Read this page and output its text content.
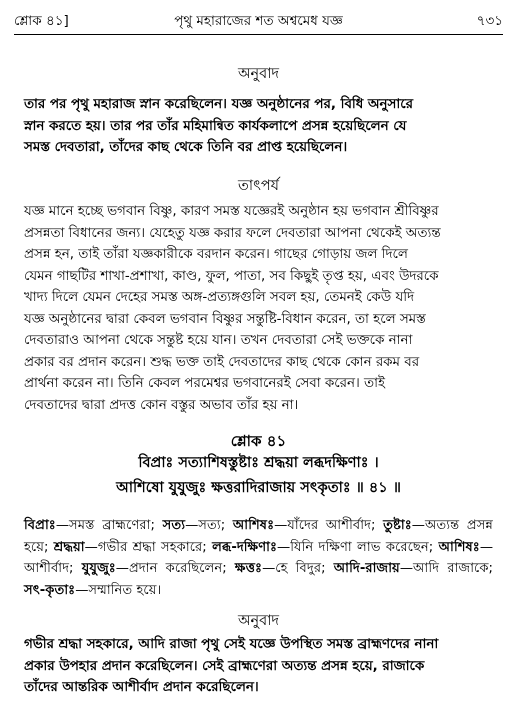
শ্লোক ৪১]	পৃথু মহারাজের শত অশ্বমেধ যজ্ঞ	৭৩১
অনুবাদ

তার পর পৃথু মহারাজ স্নান করেছিলেন। যজ্ঞ অনুষ্ঠানের পর, বিধি অনুসারে
স্নান করতে হয়। তার পর তাঁর মহিমান্বিত কার্যকলাপে প্রসন্ন হয়েছিলেন যে
সমস্ত দেবতারা, তাঁদের কাছ থেকে তিনি বর প্রাপ্ত হয়েছিলেন।

তাৎপর্য

যজ্ঞ মানে হচ্ছে ভগবান বিষ্ণু, কারণ সমস্ত যজ্ঞেরই অনুষ্ঠান হয় ভগবান শ্রীবিষ্ণুর
প্রসন্নতা বিধানের জন্য। যেহেতু যজ্ঞ করার ফলে দেবতারা আপনা থেকেই অত্যন্ত
প্রসন্ন হন, তাই তাঁরা যজ্ঞকারীকে বরদান করেন। গাছের গোড়ায় জল দিলে
যেমন গাছটির শাখা-প্রশাখা, কাণ্ড, ফুল, পাতা, সব কিছুই তৃপ্ত হয়, এবং উদরকে
খাদ্য দিলে যেমন দেহের সমস্ত অঙ্গ-প্রত্যঙ্গগুলি সবল হয়, তেমনই কেউ যদি
যজ্ঞ অনুষ্ঠানের দ্বারা কেবল ভগবান বিষ্ণুর সন্তুষ্টি-বিধান করেন, তা হলে সমস্ত
দেবতারাও আপনা থেকে সন্তুষ্ট হয়ে যান। তখন দেবতারা সেই ভক্তকে নানা
প্রকার বর প্রদান করেন। শুদ্ধ ভক্ত তাই দেবতাদের কাছ থেকে কোন রকম বর
প্রার্থনা করেন না। তিনি কেবল পরমেশ্বর ভগবানেরই সেবা করেন। তাই
দেবতাদের দ্বারা প্রদত্ত কোন বস্তুর অভাব তাঁর হয় না।

শ্লোক ৪১
বিপ্রাঃ সত্যাশিষস্তুষ্টাঃ শ্রদ্ধয়া লব্ধদক্ষিণাঃ ।
আশিষো যুযুজুঃ ক্ষত্তরাদিরাজায় সৎকৃতাঃ ॥ ৪১ ॥
বিপ্রাঃ—সমস্ত ব্রাহ্মণেরা; সত্য—সত্য; আশিষঃ—যাঁদের আশীর্বাদ; তুষ্টাঃ—অত্যন্ত প্রসন্ন হয়ে; শ্রদ্ধয়া—গভীর শ্রদ্ধা সহকারে; লব্ধ-দক্ষিণাঃ—যিনি দক্ষিণা লাভ করেছেন; আশিষঃ—আশীর্বাদ; যুযুজুঃ—প্রদান করেছিলেন; ক্ষত্তঃ—হে বিদুর; আদি-রাজায়—আদি রাজাকে; সৎ-কৃতাঃ—সম্মানিত হয়ে।
অনুবাদ

গভীর শ্রদ্ধা সহকারে, আদি রাজা পৃথু সেই যজ্ঞে উপস্থিত সমস্ত ব্রাহ্মণদের নানা
প্রকার উপহার প্রদান করেছিলেন। সেই ব্রাহ্মণেরা অত্যন্ত প্রসন্ন হয়ে, রাজাকে
তাঁদের আন্তরিক আশীর্বাদ প্রদান করেছিলেন।
